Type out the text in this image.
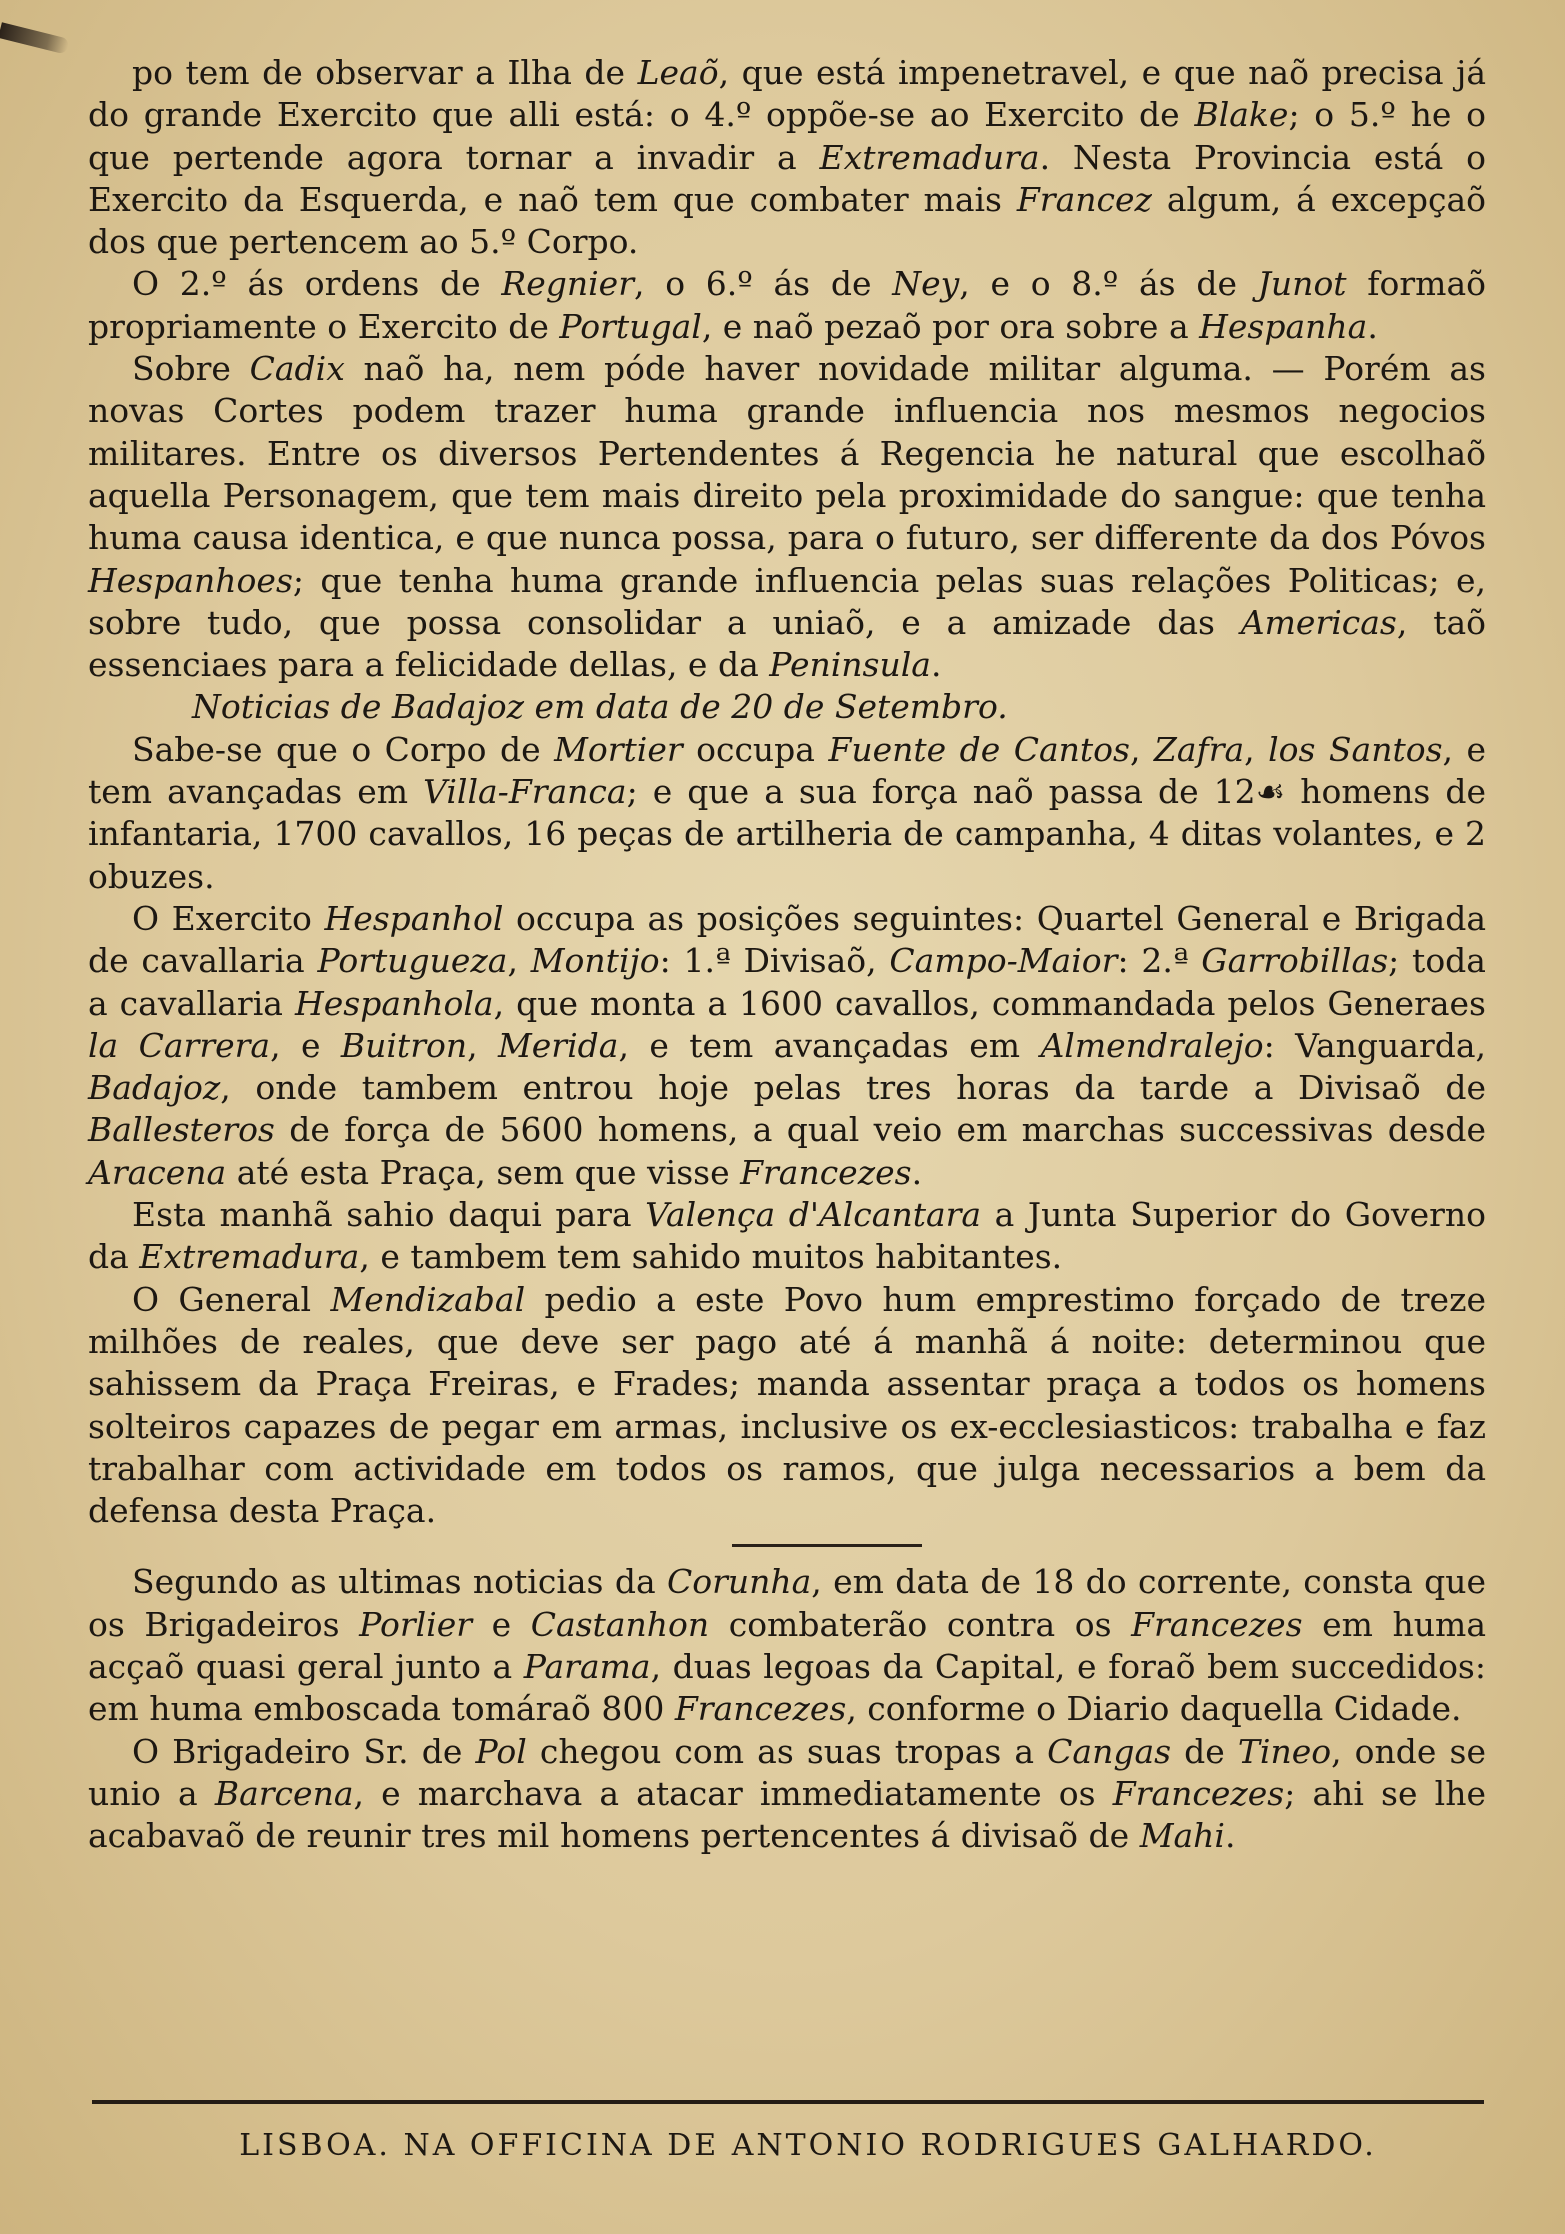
po tem de observar a Ilha de Leaõ, que está impenetravel, e que naõ precisa já do grande Exercito que alli está: o 4.º oppõe-se ao Exercito de Blake; o 5.º he o que pertende agora tornar a invadir a Extremadura. Nesta Provincia está o Exercito da Esquerda, e naõ tem que combater mais Francez algum, á excepçaõ dos que pertencem ao 5.º Corpo.

O 2.º ás ordens de Regnier, o 6.º ás de Ney, e o 8.º ás de Junot formaõ propriamente o Exercito de Portugal, e naõ pezaõ por ora sobre a Hespanha.

Sobre Cadix naõ ha, nem póde haver novidade militar alguma. — Porém as novas Cortes podem trazer huma grande influencia nos mesmos negocios militares. Entre os diversos Pertendentes á Regencia he natural que escolhaõ aquella Personagem, que tem mais direito pela proximidade do sangue: que tenha huma causa identica, e que nunca possa, para o futuro, ser differente da dos Póvos Hespanhoes; que tenha huma grande influencia pelas suas relações Politicas; e, sobre tudo, que possa consolidar a uniaõ, e a amizade das Americas, taõ essenciaes para a felicidade dellas, e da Peninsula.

Noticias de Badajoz em data de 20 de Setembro.

Sabe-se que o Corpo de Mortier occupa Fuente de Cantos, Zafra, los Santos, e tem avançadas em Villa-Franca; e que a sua força naõ passa de 12☙ homens de infantaria, 1700 cavallos, 16 peças de artilheria de campanha, 4 ditas volantes, e 2 obuzes.

O Exercito Hespanhol occupa as posições seguintes: Quartel General e Brigada de cavallaria Portugueza, Montijo: 1.ª Divisaõ, Campo-Maior: 2.ª Garrobillas; toda a cavallaria Hespanhola, que monta a 1600 cavallos, commandada pelos Generaes la Carrera, e Buitron, Merida, e tem avançadas em Almendralejo: Vanguarda, Badajoz, onde tambem entrou hoje pelas tres horas da tarde a Divisaõ de Ballesteros de força de 5600 homens, a qual veio em marchas successivas desde Aracena até esta Praça, sem que visse Francezes.

Esta manhã sahio daqui para Valença d'Alcantara a Junta Superior do Governo da Extremadura, e tambem tem sahido muitos habitantes.

O General Mendizabal pedio a este Povo hum emprestimo forçado de treze milhões de reales, que deve ser pago até á manhã á noite: determinou que sahissem da Praça Freiras, e Frades; manda assentar praça a todos os homens solteiros capazes de pegar em armas, inclusive os ex-ecclesiasticos: trabalha e faz trabalhar com actividade em todos os ramos, que julga necessarios a bem da defensa desta Praça.

Segundo as ultimas noticias da Corunha, em data de 18 do corrente, consta que os Brigadeiros Porlier e Castanhon combaterão contra os Francezes em huma acçaõ quasi geral junto a Parama, duas legoas da Capital, e foraõ bem succedidos: em huma emboscada tomáraõ 800 Francezes, conforme o Diario daquella Cidade.

O Brigadeiro Sr. de Pol chegou com as suas tropas a Cangas de Tineo, onde se unio a Barcena, e marchava a atacar immediatamente os Francezes; ahi se lhe acabavaõ de reunir tres mil homens pertencentes á divisaõ de Mahi.

LISBOA. NA OFFICINA DE ANTONIO RODRIGUES GALHARDO.
